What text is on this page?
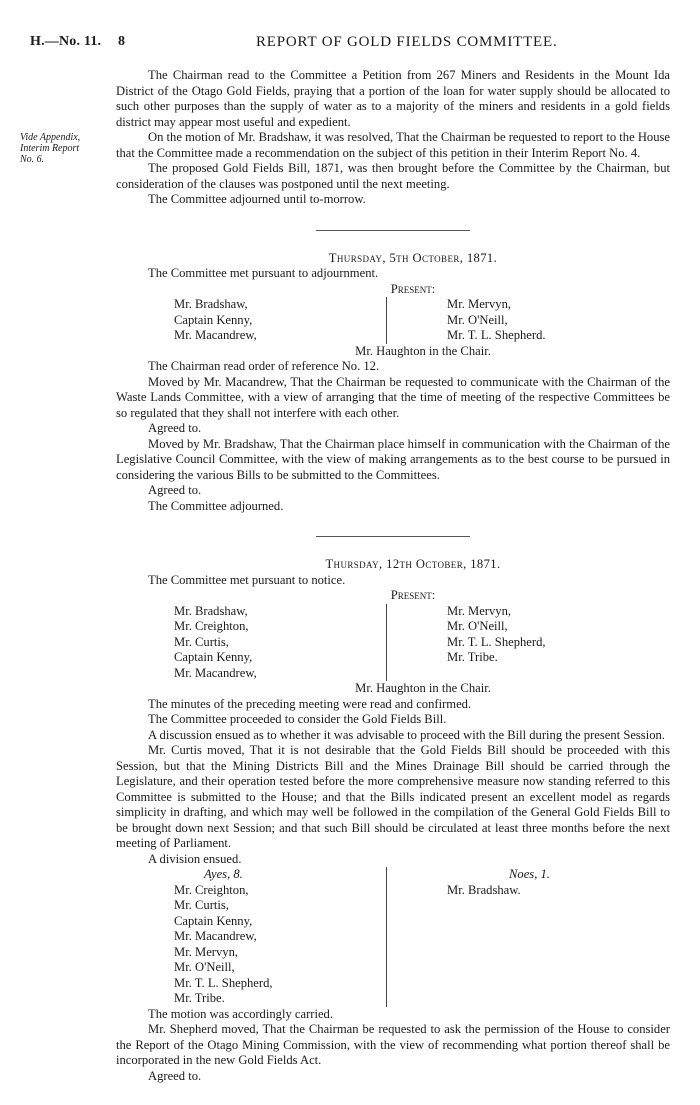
H.—No. 11. 8	REPORT OF GOLD FIELDS COMMITTEE.
Vide Appendix,
Interim Report
No. 6.

The Chairman read to the Committee a Petition from 267 Miners and Residents in the Mount Ida District of the Otago Gold Fields, praying that a portion of the loan for water supply should be allocated to such other purposes than the supply of water as to a majority of the miners and residents in a gold fields district may appear most useful and expedient.

On the motion of Mr. Bradshaw, it was resolved, That the Chairman be requested to report to the House that the Committee made a recommendation on the subject of this petition in their Interim Report No. 4.

The proposed Gold Fields Bill, 1871, was then brought before the Committee by the Chairman, but consideration of the clauses was postponed until the next meeting.

The Committee adjourned until to-morrow.

Thursday, 5th October, 1871.

The Committee met pursuant to adjournment.

Present:
Mr. Bradshaw,
Captain Kenny,
Mr. Macandrew,
Mr. Mervyn,
Mr. O'Neill,
Mr. T. L. Shepherd.
Mr. Haughton in the Chair.

The Chairman read order of reference No. 12.

Moved by Mr. Macandrew, That the Chairman be requested to communicate with the Chairman of the Waste Lands Committee, with a view of arranging that the time of meeting of the respective Committees be so regulated that they shall not interfere with each other.

Agreed to.

Moved by Mr. Bradshaw, That the Chairman place himself in communication with the Chairman of the Legislative Council Committee, with the view of making arrangements as to the best course to be pursued in considering the various Bills to be submitted to the Committees.

Agreed to.

The Committee adjourned.

Thursday, 12th October, 1871.

The Committee met pursuant to notice.

Present:
Mr. Bradshaw,
Mr. Creighton,
Mr. Curtis,
Captain Kenny,
Mr. Macandrew,
Mr. Mervyn,
Mr. O'Neill,
Mr. T. L. Shepherd,
Mr. Tribe.
Mr. Haughton in the Chair.

The minutes of the preceding meeting were read and confirmed.

The Committee proceeded to consider the Gold Fields Bill.

A discussion ensued as to whether it was advisable to proceed with the Bill during the present Session.

Mr. Curtis moved, That it is not desirable that the Gold Fields Bill should be proceeded with this Session, but that the Mining Districts Bill and the Mines Drainage Bill should be carried through the Legislature, and their operation tested before the more comprehensive measure now standing referred to this Committee is submitted to the House; and that the Bills indicated present an excellent model as regards simplicity in drafting, and which may well be followed in the compilation of the General Gold Fields Bill to be brought down next Session; and that such Bill should be circulated at least three months before the next meeting of Parliament.

A division ensued.

Ayes, 8.
Mr. Creighton,
Mr. Curtis,
Captain Kenny,
Mr. Macandrew,
Mr. Mervyn,
Mr. O'Neill,
Mr. T. L. Shepherd,
Mr. Tribe.
Noes, 1.
Mr. Bradshaw.

The motion was accordingly carried.

Mr. Shepherd moved, That the Chairman be requested to ask the permission of the House to consider the Report of the Otago Mining Commission, with the view of recommending what portion thereof shall be incorporated in the new Gold Fields Act.

Agreed to.
